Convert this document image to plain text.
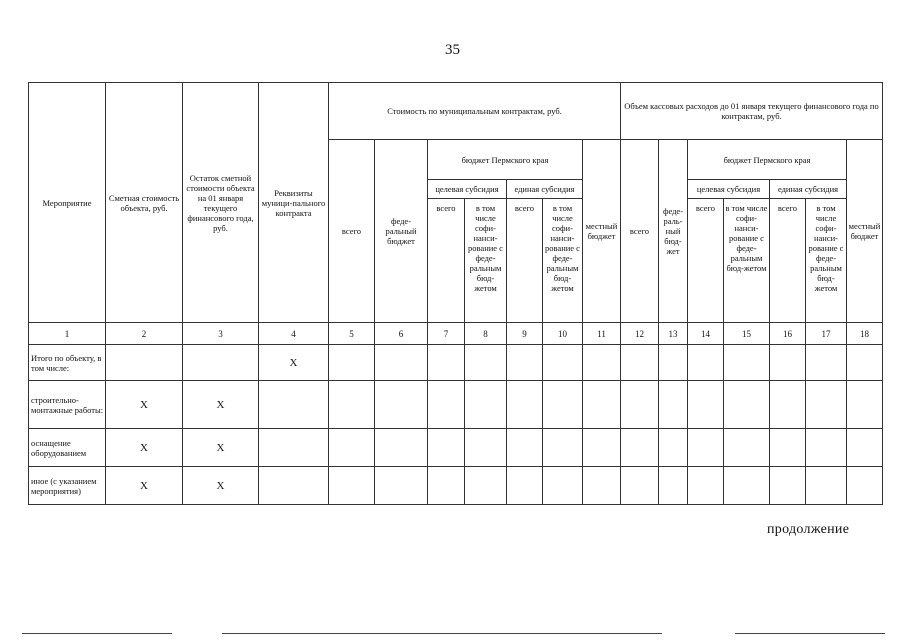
35
Мероприятие	Сметная стоимость объекта, руб.	Остаток сметной стоимости объекта на 01 января текущего финансового года, руб.	Реквизиты муници-пального контракта	Стоимость по муниципальным контрактам, руб.							Объем кассовых расходов до 01 января текущего финансового года по контрактам, руб.						
				всего	феде-ральный бюджет	бюджет Пермского края				местный бюджет	всего	феде-раль-ный бюд-жет	бюджет Пермского края				местный бюджет
						целевая субсидия		единая субсидия					целевая субсидия		единая субсидия		
						всего	в том числе софи-нанси-рование с феде-ральным бюд-жетом	всего	в том числе софи-нанси-рование с феде-ральным бюд-жетом				всего	в том числе софи-нанси-рование с феде-ральным бюд-жетом	всего	в том числе софи-нанси-рование с феде-ральным бюд-жетом	

1	2	3	4	5	6	7	8	9	10	11	12	13	14	15	16	17	18
Итого по объекту, в том числе:			Х														
строительно-монтажные работы:	Х	Х															
оснащение оборудованием	Х	Х															
иное (с указанием мероприятия)	Х	Х															
продолжение
